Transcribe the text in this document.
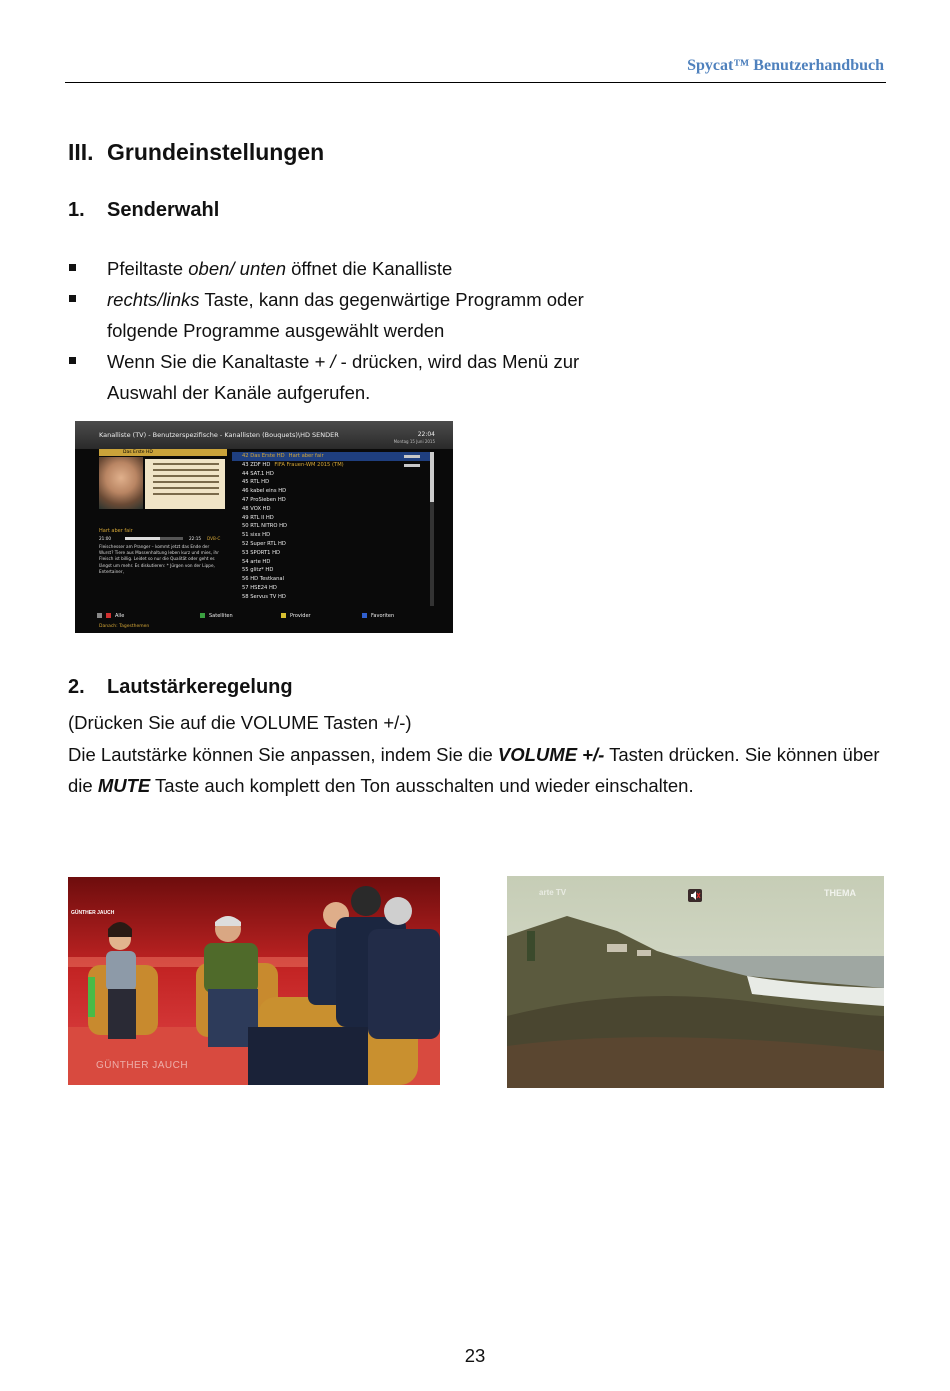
Spycat™ Benutzerhandbuch
III. Grundeinstellungen
1. Senderwahl
Pfeiltaste oben/ unten öffnet die Kanalliste
rechts/links Taste, kann das gegenwärtige Programm oder folgende Programme ausgewählt werden
Wenn Sie die Kanaltaste + / - drücken, wird das Menü zur Auswahl der Kanäle aufgerufen.
Kanalliste (TV) - Benutzerspezifische - Kanallisten (Bouquets)\HD SENDER	22:04
Montag 15 Juni 2015
Das Erste HD
Hart aber fair
21:00	22:15 DVB-C
Fleischesser am Pranger – kommt jetzt das Ende der Wurst? Tiere aus Massenhaltung leben kurz und mies, ihr Fleisch ist billig. Leidet so nur die Qualität oder geht es längst um mehr. Es diskutieren: * Jürgen von der Lippe, Entertainer,
Danach: Tagesthemen
42 Das Erste HD Hart aber fair
43 ZDF HD FIFA Frauen-WM 2015 (TM)
44 SAT.1 HD
45 RTL HD
46 kabel eins HD
47 ProSieben HD
48 VOX HD
49 RTL II HD
50 RTL NITRO HD
51 sixx HD
52 Super RTL HD
53 SPORT1 HD
54 arte HD
55 glitz* HD
56 HD Testkanal
57 HSE24 HD
58 Servus TV HD
Alle	Satelliten	Provider	Favoriten
2. Lautstärkeregelung
(Drücken Sie auf die VOLUME Tasten +/-)
Die Lautstärke können Sie anpassen, indem Sie die VOLUME +/- Tasten drücken. Sie können über die MUTE Taste auch komplett den Ton ausschalten und wieder einschalten.
GÜNTHER JAUCH
GÜNTHER JAUCH
arte TV	THEMA
23
